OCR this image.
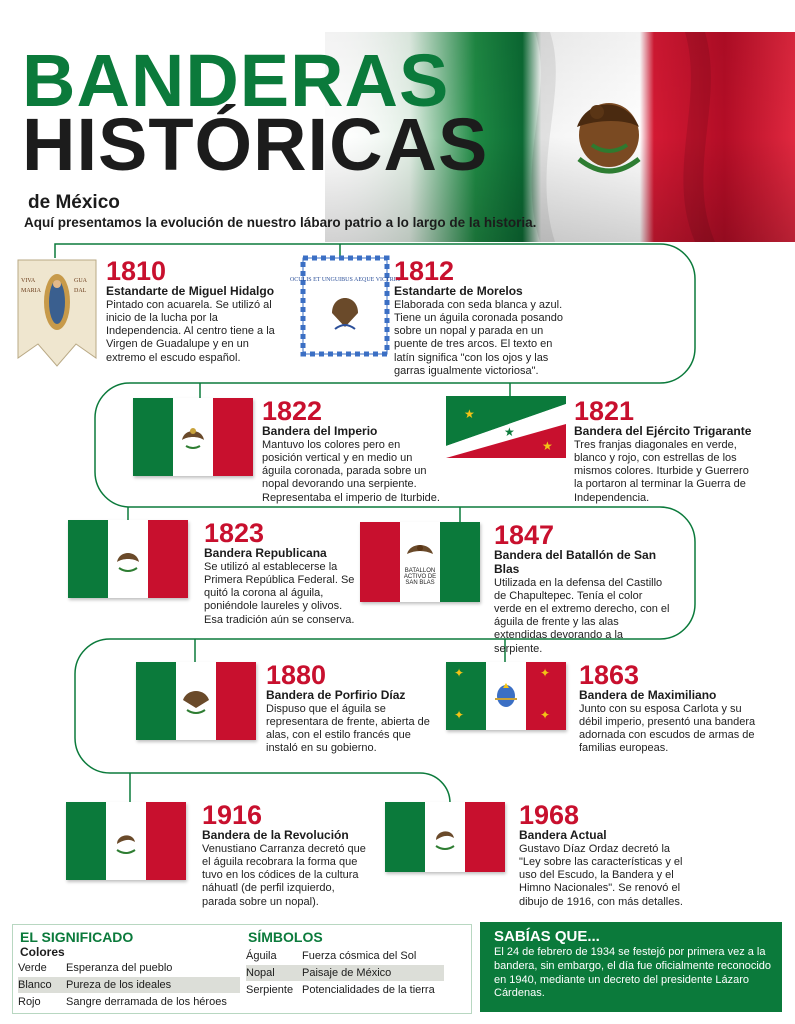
BANDERAS
HISTÓRICAS
de México
Aquí presentamos la evolución de nuestro lábaro patrio a lo largo de la historia.
VIVA
MARIA
GUA
DAL
1810
Estandarte de Miguel Hidalgo
Pintado con acuarela. Se utilizó al inicio de la lucha por la Independencia. Al centro tiene a la Virgen de Guadalupe y en un extremo el escudo español.
OCULIS ET UNGUIBUS AEQUE VICTRIX
1812
Estandarte de Morelos
Elaborada con seda blanca y azul. Tiene un águila coronada posando sobre un nopal y parada en un puente de tres arcos. El texto en latín significa "con los ojos y las garras igualmente victoriosa".
1822
Bandera del Imperio
Mantuvo los colores pero en posición vertical y en medio un águila coronada, parada sobre un nopal devorando una serpiente. Representaba el imperio de Iturbide.
★
★
★
1821
Bandera del Ejército Trigarante
Tres franjas diagonales en verde, blanco y rojo, con estrellas de los mismos colores. Iturbide y Guerrero la portaron al terminar la Guerra de Independencia.
1823
Bandera Republicana
Se utilizó al establecerse la Primera República Federal. Se quitó la corona al águila, poniéndole laureles y olivos. Esa tradición aún se conserva.
BATALLON
ACTIVO DE
SAN BLAS
1847
Bandera del Batallón de San Blas
Utilizada en la defensa del Castillo de Chapultepec. Tenía el color verde en el extremo derecho, con el águila de frente y las alas extendidas devorando a la serpiente.
1880
Bandera de Porfirio Díaz
Dispuso que el águila se representara de frente, abierta de alas, con el estilo francés que instaló en su gobierno.
✦
✦
✦
✦
1863
Bandera de Maximiliano
Junto con su esposa Carlota y su débil imperio, presentó una bandera adornada con escudos de armas de familias europeas.
1916
Bandera de la Revolución
Venustiano Carranza decretó que el águila recobrara la forma que tuvo en los códices de la cultura náhuatl (de perfil izquierdo, parada sobre un nopal).
1968
Bandera Actual
Gustavo Díaz Ordaz decretó la "Ley sobre las características y el uso del Escudo, la Bandera y el Himno Nacionales". Se renovó el dibujo de 1916, con más detalles.
EL SIGNIFICADO
Colores
Verde Esperanza del pueblo
Blanco Pureza de los ideales
Rojo Sangre derramada de los héroes
SÍMBOLOS
Águila Fuerza cósmica del Sol
Nopal Paisaje de México
Serpiente Potencialidades de la tierra
SABÍAS QUE...
El 24 de febrero de 1934 se festejó por primera vez a la bandera, sin embargo, el día fue oficialmente reconocido en 1940, mediante un decreto del presidente Lázaro Cárdenas.
